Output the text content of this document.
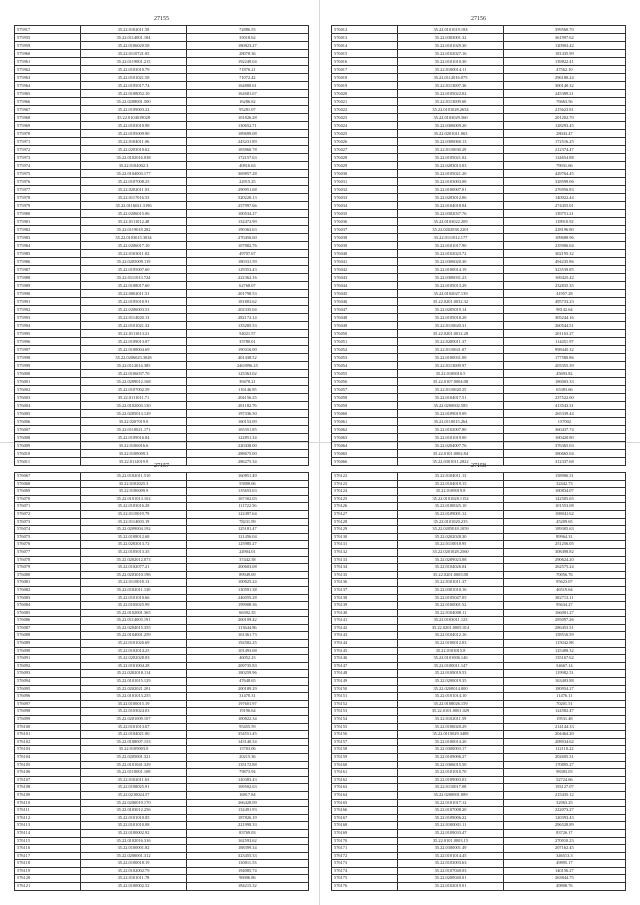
27155
575917	35.22.0102011.58	72886.55
575955	35.22.0114001.184	35018.62
575959	35.22.0106020.58	180823.27
575960	35.22.0110721.05	28078.36
575961	35.22.0119001.215	192249.04
575962	35.22.0103010.79	71876.21
575963	35.22.0101021.58	71072.42
575964	35.22.0105017.74	164800.61
575965	35.22.0108052.10	162681.67
575966	35.22.0208001.500	16286.62
575967	35.22.0109003.22	95281.07
575968	35.22.0104019028	101826.28
575969	35.22.0103010.98	130652.71
575970	35.22.0105009.90	189699.08
575971	35.22.0104011.06	243231.89
575972	35.22.0203010.62	183960.78
575973	35.22.0102016.038	172157.63
575974	35.22.0104002.3	40816.63
575975	35.22.0104003.177	369857.28
575976	35.22.0107008.25	22915.25
575977	35.22.0202011.03	290951.68
575978	35.22.0117016.53	520220.13
575979	35.22.0116021.3196	257997.66
575980	35.22.0206015.06	100534.27
575981	35.22.0111012.48	152472.99
575982	35.22.0119018.282	190363.63
575983	35.22.0103015.3034	270456.60
575984	35.22.0206017.10	107882.76
575985	35.22.0103011.02	49707.67
575986	35.22.0205009.119	180331.59
575987	35.22.0105007.60	129353.43
575988	35.22.0111013.724	222362.16
575989	35.22.0108017.60	62768.07
575990	35.22.0002011.51	201798.53
575991	35.22.0105010.91	181803.62
575992	35.22.0206003.53	202335.04
575993	35.22.0114020.13	282172.14
575994	35.22.0101021.32	135285.53
575995	35.22.0111013.21	54021.57
575996	35.22.0109013.07	35780.01
575997	35.22.0108004.69	190316.00
575998	35.22.0206023.3028	401438.52
575999	35.22.0112014.385	2463996.25
576000	35.22.0106037.70	125363.02
576001	35.22.0209012.168	39478.21
576002	35.22.0107002.59	116146.85
576003	35.22.0111011.71	204156.25
576004	35.22.0102003.130	281182.76
576005	35.22.0205013.129	197336.50
576006	35.22.0207019.0	160153.09
576007	35.22.0110021.171	165351.85
576008	35.22.0109016.84	122851.34
576009	35.22.0106016.6	220438.00
576010	35.22.0108009.3	288675.00
576011	35.22.0112019.9	286275.34
27156
576012	35.22.0101019.184	399560.70
576013	35.22.0303001.32	361997.62
576014	35.22.0101029.30	120903.42
576015	35.22.0102027.16	181435.99
576016	35.22.0101010.30	139822.41
576017	35.22.0100014.11	47562.10
576018	35.22.0112016.075	296180.24
576019	35.22.0113007.36	300140.32
576020	35.22.0105022.02	245389.21
576021	35.22.0113009.60	76663.56
576022	35.22.0101028.2654	215623.81
576023	35.22.0103029.360	201202.70
576024	35.22.0306009.20	128293.45
576025	35.22.0201011.063	28043.47
576026	35.22.0300060.13	172516.25
576027	35.22.0110030.29	212374.47
576028	35.22.0105021.02	134654.88
576029	35.22.0203013.03	79031.66
576030	35.22.0105021.20	429764.45
576031	35.22.0103003.08	328599.06
576032	35.22.0100007.01	276956.83
576033	35.22.0203012.06	140022.44
576034	35.22.0104018.04	274455.01
576035	35.22.0302037.76	139751.21
576036	35.22.0103022.209	118910.92
576037	35.22.0202038.2201	228196.80
576038	35.22.0111012.177	109688.96
576039	35.22.0101017.90	235906.04
576040	35.22.0102023.72	302195.32
576041	35.22.0306020.30	494235.86
576042	35.22.0100014.19	323539.85
576043	35.22.0300031.23	169425.42
576044	35.22.0105013.29	232835.35
576045	35.22.0102027.139	41957.28
576046	35.22.0201.0032.32	495733.23
576047	35.22.0205019.14	98142.64
576048	35.22.0105018.28	305244.16
576049	35.22.0110020.31	260544.51
576050	35.22.0201.0012.28	201163.27
576051	35.22.0200011.37	114451.97
576052	35.22.0110021.07	998445.32
576053	35.22.0100031.08	177580.86
576054	35.22.0113009.97	203355.39
576055	35.22.0100016.5	45693.82
576056	35.22.0107.0004.08	186003.33
576057	35.22.0110020.25	65383.66
576058	35.22.0104017.51	237522.00
576059	35.22.0200002.585	413543.31
576060	35.22.0109019.09	265339.44
576061	35.22.0110015.264	157002
576062	35.22.0102007.80	360437.74
576063	35.22.0101019.00	100420.80
576064	35.22.0204007.76	376365.03
576065	35.22.0101.0002.84	380665.04
576066	35.22.0301011.2822	312337.68
27157
576067	35.22.0102011.510	160851.49
576068	35.22.0102025.3	55808.66
576069	35.22.0106009.9	135653.63
576070	35.22.0101013.102	167302.03
576071	35.22.0103016.28	111722.56
576072	35.22.0110019.79	122497.64
576073	35.22.0114003.19	78231.99
576074	35.22.0209004.192	125181.47
576075	35.22.0108012.68	121456.04
576076	35.22.0203013.72	125985.27
576077	35.22.0105013.35	24904.01
576078	35.22.0202012.073	37442.38
576079	35.22.0102077.21	200603.08
576080	35.22.0203010.196	89949.69
576081	35.22.0110018.13	100825.24
576082	35.22.0102011.130	130591.38
576083	35.22.0101010.66	246055.28
576084	35.22.0105025.99	199908.36
576085	35.22.0102001.365	66392.35
576086	35.22.0114003.191	260109.42
576087	35.22.0204015.355	113644.86
576088	35.22.0104001.259	161361.73
576089	35.22.0101026.69	192582.25
576090	35.22.0102014.25	101493.68
576091	35.22.0202028.03	46052.23
576092	35.22.0101004.28	209735.83
576093	35.22.0202018.114	180259.96
576094	35.22.0101015.129	47648.65
576095	35.22.0202021.201	200189.29
576096	35.22.0101013.255	31470.31
576097	35.22.0100015.19	197601.97
576098	35.22.0103024.03	19196.64
576099	35.22.0201009.107	100822.34
576100	35.22.0101013.67	95455.59
576101	35.22.0104021.00	354551.45
576102	35.22.0108007.153	143140.54
576103	35.22.0109003.0	15783.06
576104	35.22.0205001.321	20215.36
576105	35.22.0101041.329	135172.88
576106	35.22.0110001.108	79873.94
576107	35.22.0102011.63	120383.43
576108	35.22.0108025.91	169502.63
576109	35.22.0210024.57	16817.84
576110	35.22.0200019.170	266428.09
576111	35.22.0103012.256	132491.93
576112	35.22.0101010.05	187826.19
576113	35.22.0101010.08	221998.33
576114	35.22.0100002.92	83769.03
576115	35.22.0102016.316	162593.62
576116	35.22.0100001.82	188399.34
576117	35.22.0200001.312	323455.33
576118	35.22.0100018.19	130011.53
576119	35.22.0102002.79	194085.74
576120	35.22.0101011.78	96906.86
576121	35.22.0100002.52	184215.32
27158
576122	35.22.0104011.13	158906.31
576123	35.22.0104019.15	32442.73
576124	35.22.0109019.8	100834.07
576125	35.22.0101028.1154	142505.65
576126	35.22.0100025.10	101553.08
576127	35.22.0109001.12	108041.62
576128	35.22.0101020.235	45209.65
576129	35.22.0205018.1059	189305.63
576130	35.22.0202028.30	89964.31
576131	35.22.0110018.95	251256.05
576132	35.22.0201028.2560	308498.82
576133	35.22.0209023.08	290624.20
576134	35.22.0104026.04	262575.24
576135	35.22.0201.0003.08	70056.76
576136	35.22.0101011.37	95623.07
576137	35.22.0301010.16	46519.64
576138	35.22.0105047.05	382713.11
576139	35.22.0100001.52	95634.27
576140	35.22.0104008.11	166001.27
576141	35.22.0103011.123	295097.26
576142	35.22.0201.0005.014	286453.51
576143	35.22.0104012.16	158516.59
576144	35.22.0100012.03	115042.88
576145	35.22.0103015.8	125408.32
576146	35.22.0101006.146	135167.62
576147	35.22.0100011.147	54667.14
576148	35.22.0109019.53	119982.51
576149	35.22.0200019.35	163403.88
576150	35.22.0200014.000	180954.27
576151	35.22.0101014.10	11476.11
576152	35.22.0108026.159	70201.51
576153	35.22.0101.0001.029	124582.47
576154	35.22.0102011.59	19531.48
576155	35.22.0100020.29	214144.33
576156	35.22.0110029.3488	204464.20
576157	35.22.0100014.20	208034.62
576158	35.22.0300003.17	112110.22
576159	35.22.0109006.27	202605.31
576160	35.22.0306015.50	170895.27
576161	35.22.0101010.70	98383.03
576162	35.22.0109003.03	52724.66
576163	35.22.0110017.08	193127.07
576164	35.22.0200001.089	215435.12
576165	35.22.0101017.12	32963.25
576166	35.22.0107008.20	222073.27
576167	35.22.0109006.22	120393.43
576168	35.22.0100001.11	296528.89
576169	35.22.0109033.47	83726.17
576170	35.22.0101.0003.15	270010.23
576171	35.22.0300001.49	207162.45
576172	35.22.0101014.45	346513.3
576173	35.22.0103003.63	49895.17
576174	35.22.0107040.03	140156.27
576175	35.22.0200040.01	263844.75
576176	35.22.0102019.01	49808.76
